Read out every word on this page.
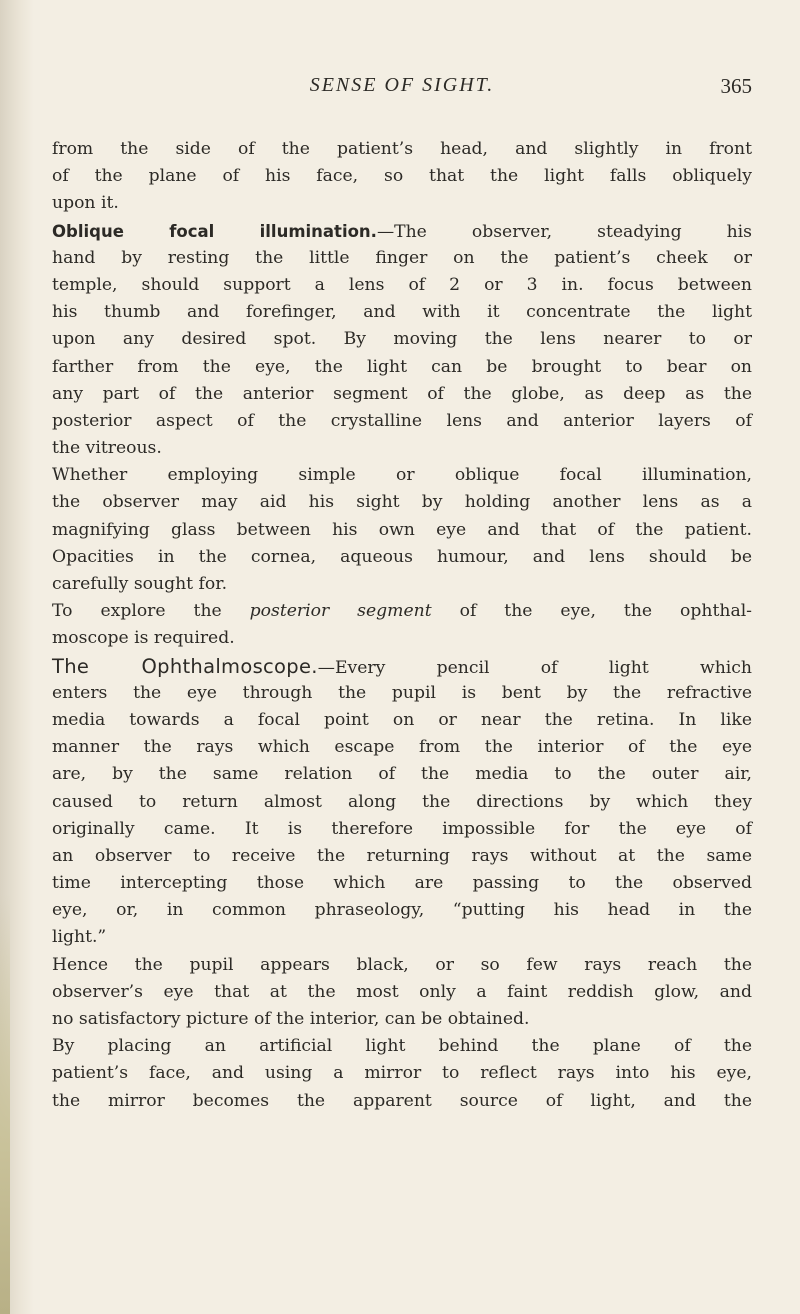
SENSE OF SIGHT.	365
from the side of the patient’s head, and slightly in front
of the plane of his face, so that the light falls obliquely
upon it.
Oblique focal illumination.—The observer, steadying his
hand by resting the little finger on the patient’s cheek or
temple, should support a lens of 2 or 3 in. focus between
his thumb and forefinger, and with it concentrate the light
upon any desired spot. By moving the lens nearer to or
farther from the eye, the light can be brought to bear on
any part of the anterior segment of the globe, as deep as the
posterior aspect of the crystalline lens and anterior layers of
the vitreous.
Whether employing simple or oblique focal illumination,
the observer may aid his sight by holding another lens as a
magnifying glass between his own eye and that of the patient.
Opacities in the cornea, aqueous humour, and lens should be
carefully sought for.
To explore the posterior segment of the eye, the ophthal-
moscope is required.
The Ophthalmoscope.—Every pencil of light which
enters the eye through the pupil is bent by the refractive
media towards a focal point on or near the retina. In like
manner the rays which escape from the interior of the eye
are, by the same relation of the media to the outer air,
caused to return almost along the directions by which they
originally came. It is therefore impossible for the eye of
an observer to receive the returning rays without at the same
time intercepting those which are passing to the observed
eye, or, in common phraseology, “putting his head in the
light.”
Hence the pupil appears black, or so few rays reach the
observer’s eye that at the most only a faint reddish glow, and
no satisfactory picture of the interior, can be obtained.
By placing an artificial light behind the plane of the
patient’s face, and using a mirror to reflect rays into his eye,
the mirror becomes the apparent source of light, and the
